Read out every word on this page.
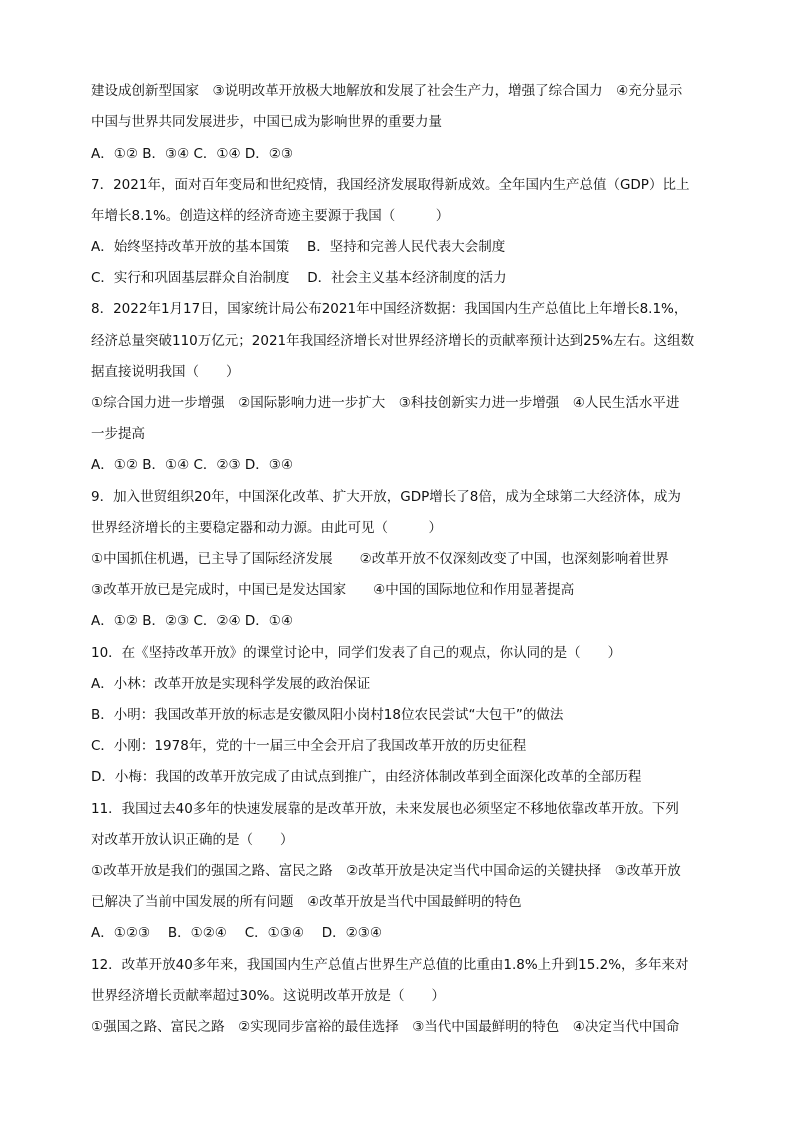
建设成创新型国家　③说明改革开放极大地解放和发展了社会生产力，增强了综合国力　④充分显示
中国与世界共同发展进步，中国已成为影响世界的重要力量
A．①② B．③④ C．①④ D．②③
7．2021年，面对百年变局和世纪疫情，我国经济发展取得新成效。全年国内生产总值（GDP）比上
年增长8.1%。创造这样的经济奇迹主要源于我国（　　　）
A．始终坚持改革开放的基本国策　 B．坚持和完善人民代表大会制度
C．实行和巩固基层群众自治制度　 D．社会主义基本经济制度的活力
8．2022年1月17日，国家统计局公布2021年中国经济数据：我国国内生产总值比上年增长8.1%，
经济总量突破110万亿元；2021年我国经济增长对世界经济增长的贡献率预计达到25%左右。这组数
据直接说明我国（　　）
①综合国力进一步增强　②国际影响力进一步扩大　③科技创新实力进一步增强　④人民生活水平进
一步提高
A．①② B．①④ C．②③ D．③④
9．加入世贸组织20年，中国深化改革、扩大开放，GDP增长了8倍，成为全球第二大经济体，成为
世界经济增长的主要稳定器和动力源。由此可见（　　　）
①中国抓住机遇，已主导了国际经济发展　　②改革开放不仅深刻改变了中国，也深刻影响着世界
③改革开放已是完成时，中国已是发达国家　　④中国的国际地位和作用显著提高
A．①② B．②③ C．②④ D．①④
10．在《坚持改革开放》的课堂讨论中，同学们发表了自己的观点，你认同的是（　　）
A．小林：改革开放是实现科学发展的政治保证
B．小明：我国改革开放的标志是安徽凤阳小岗村18位农民尝试“大包干”的做法
C．小刚：1978年，党的十一届三中全会开启了我国改革开放的历史征程
D．小梅：我国的改革开放完成了由试点到推广，由经济体制改革到全面深化改革的全部历程
11．我国过去40多年的快速发展靠的是改革开放，未来发展也必须坚定不移地依靠改革开放。下列
对改革开放认识正确的是（　　）
①改革开放是我们的强国之路、富民之路　②改革开放是决定当代中国命运的关键抉择　③改革开放
已解决了当前中国发展的所有问题　④改革开放是当代中国最鲜明的特色
A．①②③　 B．①②④　 C．①③④　 D．②③④
12．改革开放40多年来，我国国内生产总值占世界生产总值的比重由1.8%上升到15.2%，多年来对
世界经济增长贡献率超过30%。这说明改革开放是（　　）
①强国之路、富民之路　②实现同步富裕的最佳选择　③当代中国最鲜明的特色　④决定当代中国命
